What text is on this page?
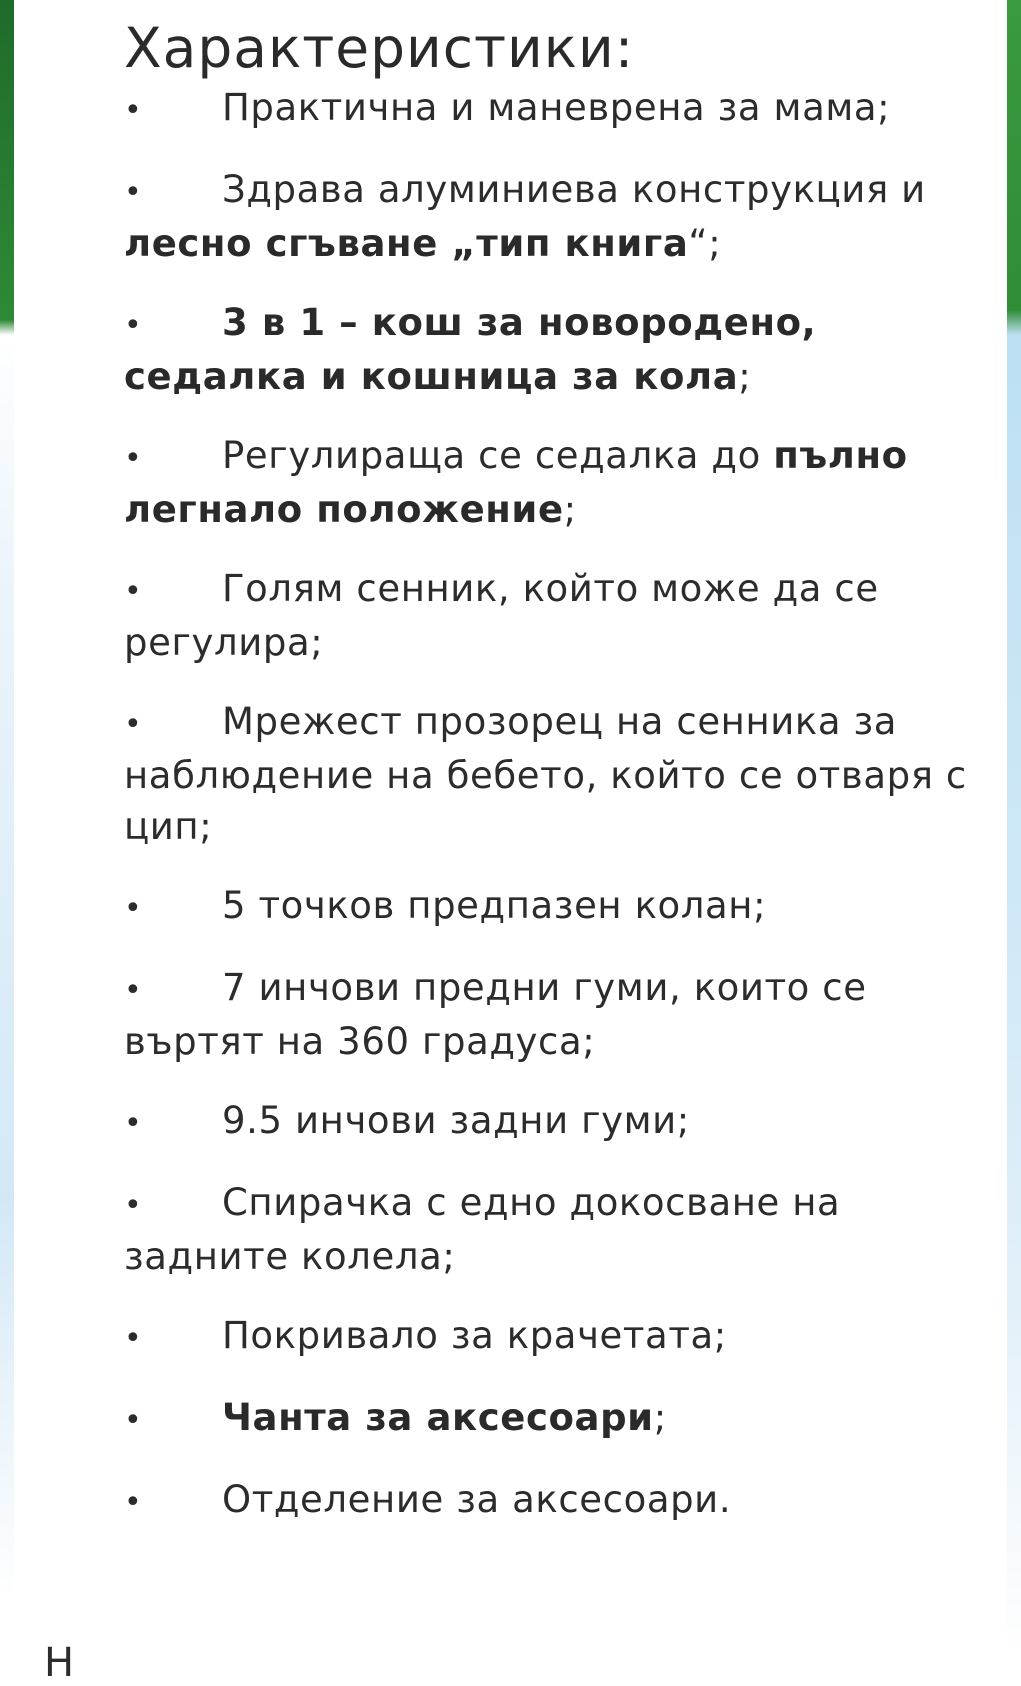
Характеристики:
• Практична и маневрена за мама;
• Здрава алуминиева конструкция и лесно сгъване „тип книга“;
• 3 в 1 – кош за новородено, седалка и кошница за кола;
• Регулираща се седалка до пълно легнало положение;
• Голям сенник, който може да се регулира;
• Мрежест прозорец на сенника за наблюдение на бебето, който се отваря с цип;
• 5 точков предпазен колан;
• 7 инчови предни гуми, които се въртят на 360 градуса;
• 9.5 инчови задни гуми;
• Спирачка с едно докосване на задните колела;
• Покривало за крачетата;
• Чанта за аксесоари;
• Отделение за аксесоари.
Н
